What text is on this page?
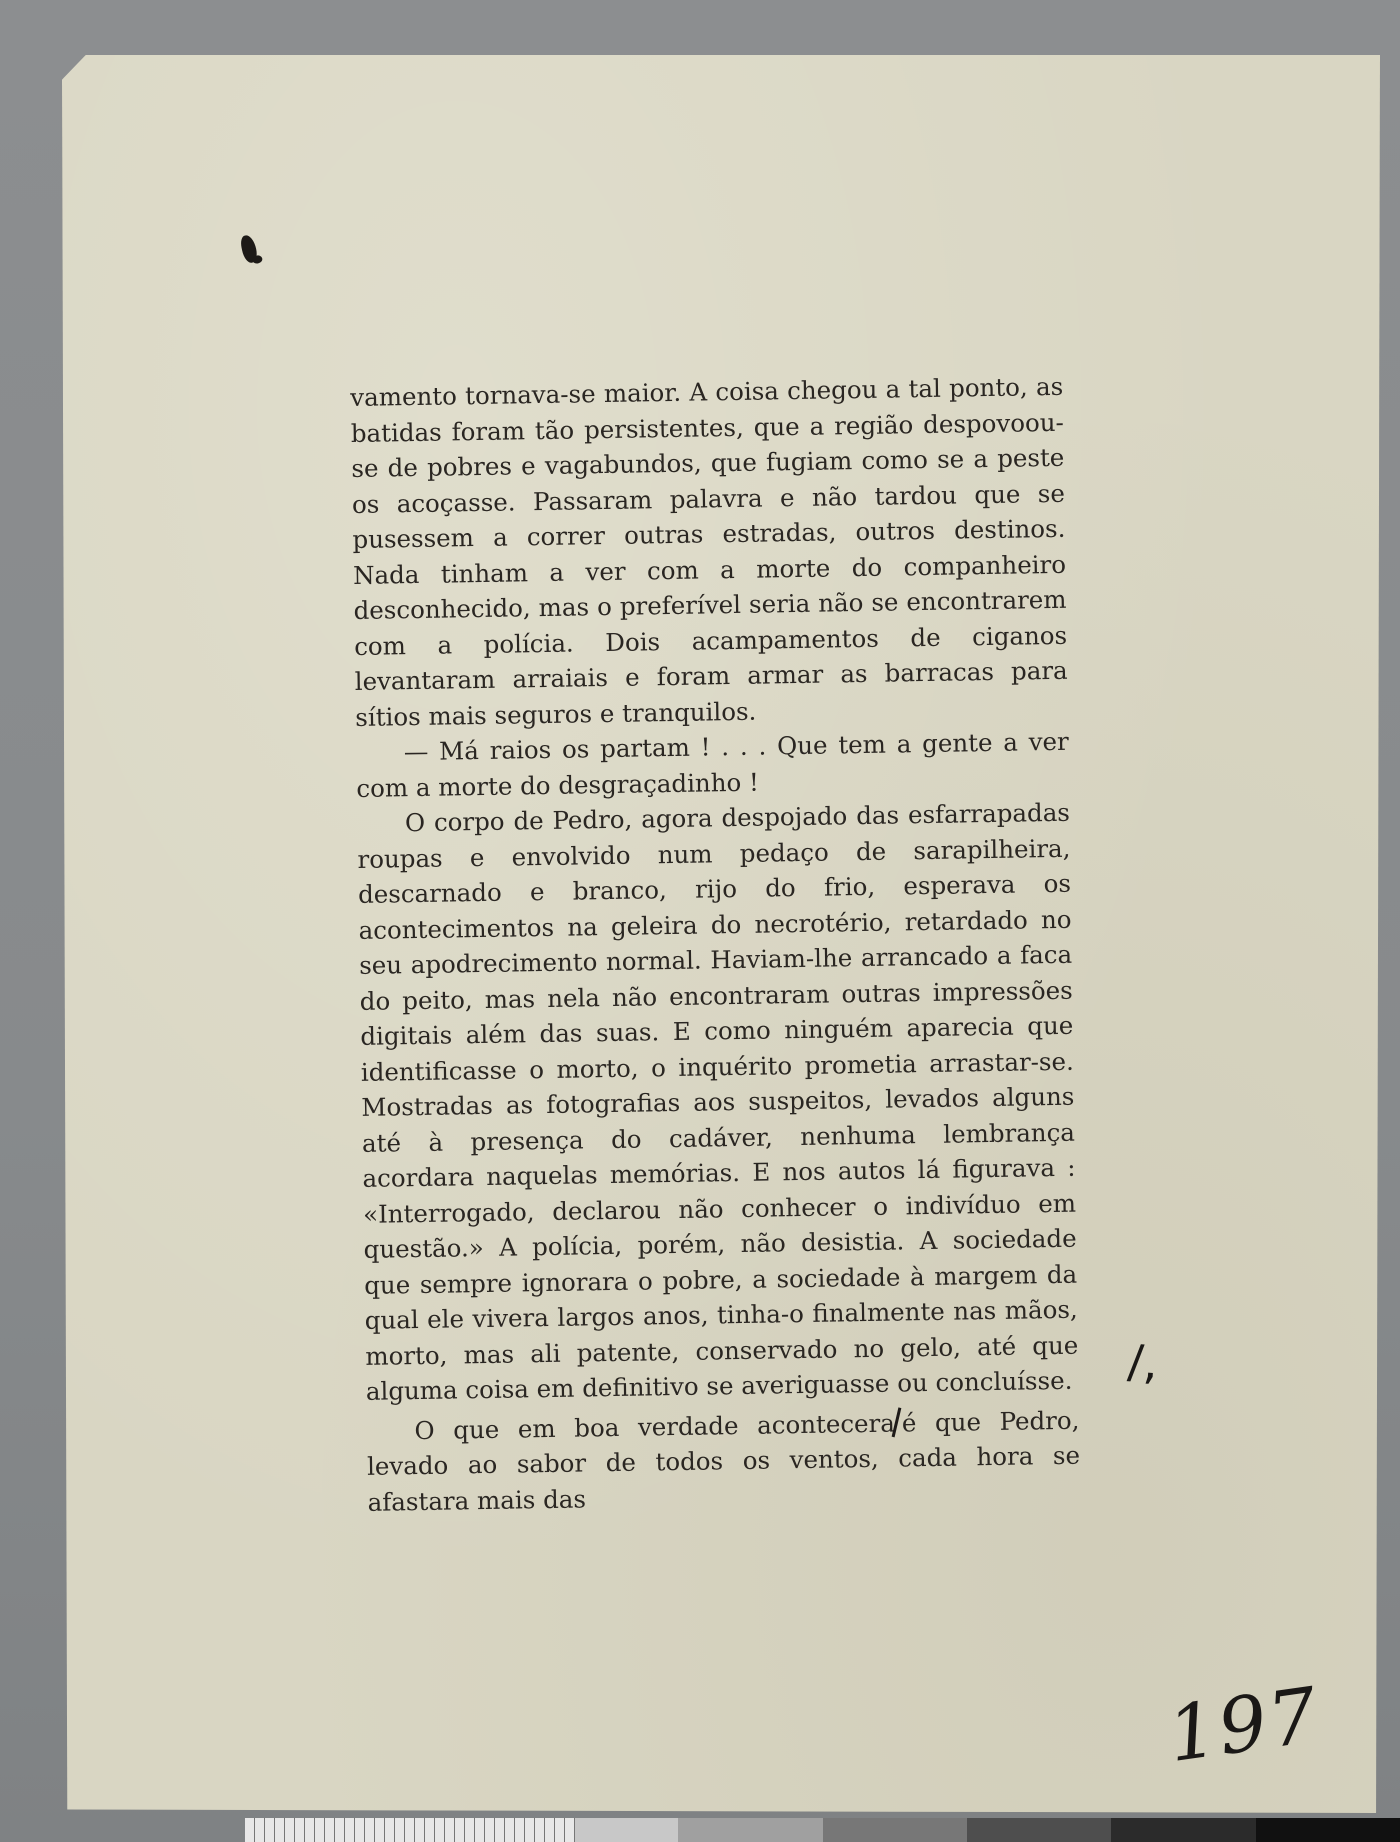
vamento tornava-se maior. A coisa chegou a tal ponto, as batidas foram tão persistentes, que a região despovoou-se de pobres e vagabundos, que fugiam como se a peste os acoçasse. Passaram palavra e não tardou que se pusessem a correr outras estradas, outros destinos. Nada tinham a ver com a morte do companheiro desconhecido, mas o preferível seria não se encontrarem com a polícia. Dois acampamentos de ciganos levantaram arraiais e foram armar as barracas para sítios mais seguros e tranquilos.

— Má raios os partam ! . . . Que tem a gente a ver com a morte do desgraçadinho !

O corpo de Pedro, agora despojado das esfarrapadas roupas e envolvido num pedaço de sarapilheira, descarnado e branco, rijo do frio, esperava os acontecimentos na geleira do necrotério, retardado no seu apodrecimento normal. Haviam-lhe arrancado a faca do peito, mas nela não encontraram outras impressões digitais além das suas. E como ninguém aparecia que identificasse o morto, o inquérito prometia arrastar-se. Mostradas as fotografias aos suspeitos, levados alguns até à presença do cadáver, nenhuma lembrança acordara naquelas memórias. E nos autos lá figurava : «Interrogado, declarou não conhecer o indivíduo em questão.» A polícia, porém, não desistia. A sociedade que sempre ignorara o pobre, a sociedade à margem da qual ele vivera largos anos, tinha-o finalmente nas mãos, morto, mas ali patente, conservado no gelo, até que alguma coisa em definitivo se averiguasse ou concluísse.

O que em boa verdade acontecera é que Pedro, levado ao sabor de todos os ventos, cada hora se afastara mais das

/,
197
